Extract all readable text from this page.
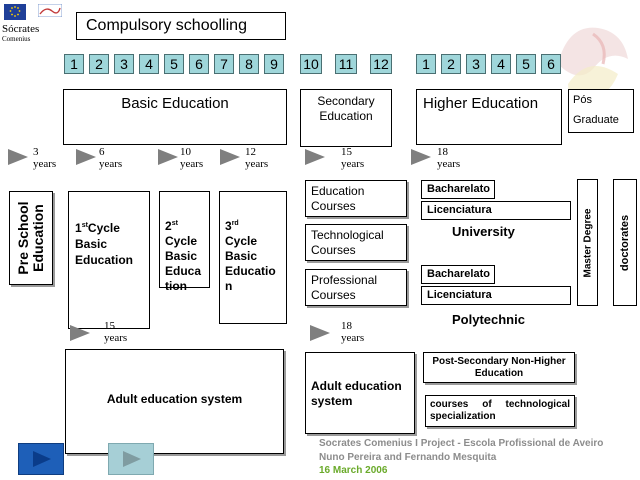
Sócrates
Comenius
Compulsory schoolling
1	2	3	4	5	6	7	8	9	10 11 12	1	2	3	4	5	6
Basic Education	Secondary Education
Higher Education	Pós Graduate
3
years
6
years
10
years
12
years
15
years
18
years
Pre School Education	1stCycle Basic Education
2st Cycle Basic Educa tion
3rdCycle Basic Educatio n
Education Courses
Technological Courses
Professional Courses
Bacharelato
Licenciatura
University
Bacharelato
Licenciatura
Polytechnic
Master Degree doctorates
15
years
18
years
Adult education system
Adult education system
Post-Secondary Non-Higher Education
courses of technological specialization
Socrates Comenius I Project - Escola Profissional de Aveiro
Nuno Pereira and Fernando Mesquita
16 March 2006
